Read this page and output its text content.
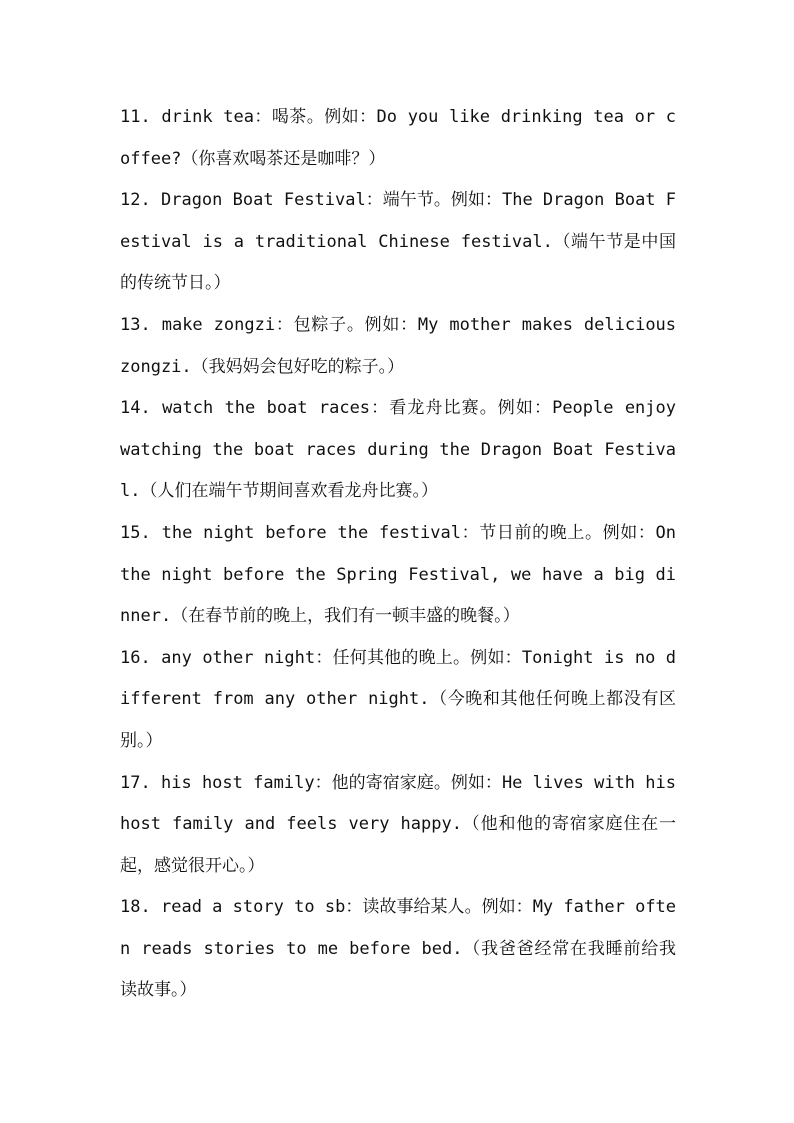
11. drink tea：喝茶。例如：Do you like drinking tea or coffee?（你喜欢喝茶还是咖啡？）

12. Dragon Boat Festival：端午节。例如：The Dragon Boat Festival is a traditional Chinese festival.（端午节是中国的传统节日。）

13. make zongzi：包粽子。例如：My mother makes delicious zongzi.（我妈妈会包好吃的粽子。）

14. watch the boat races：看龙舟比赛。例如：People enjoy watching the boat races during the Dragon Boat Festival.（人们在端午节期间喜欢看龙舟比赛。）

15. the night before the festival：节日前的晚上。例如：On the night before the Spring Festival, we have a big dinner.（在春节前的晚上，我们有一顿丰盛的晚餐。）

16. any other night：任何其他的晚上。例如：Tonight is no different from any other night.（今晚和其他任何晚上都没有区别。）

17. his host family：他的寄宿家庭。例如：He lives with his host family and feels very happy.（他和他的寄宿家庭住在一起，感觉很开心。）

18. read a story to sb：读故事给某人。例如：My father often reads stories to me before bed.（我爸爸经常在我睡前给我读故事。）
